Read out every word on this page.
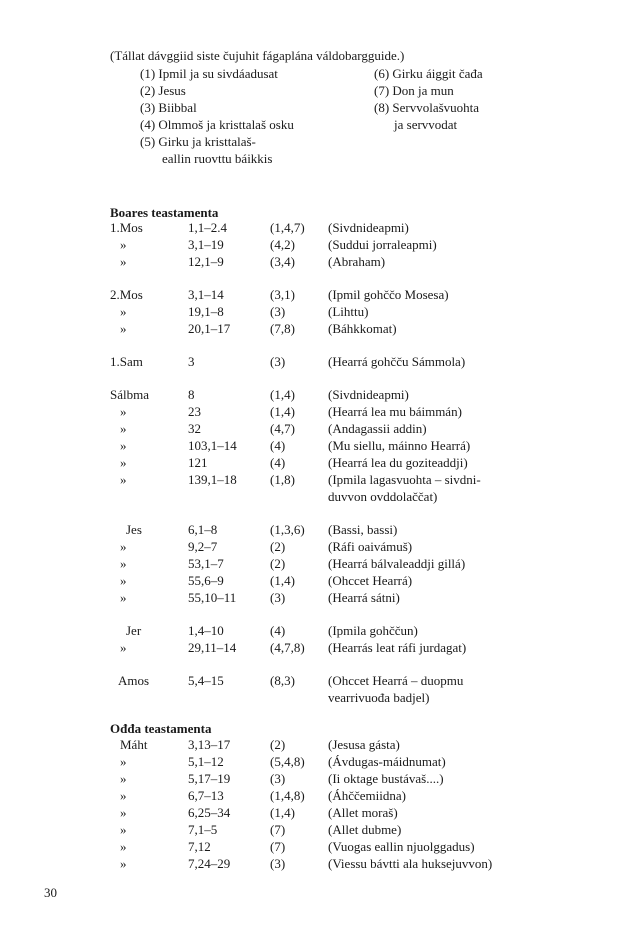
(Tállat dávggiid siste čujuhit fágaplána váldobargguide.)
(1) Ipmil ja su sivdáadusat
(2) Jesus
(3) Biibbal
(4) Olmmoš ja kristtalaš osku
(5) Girku ja kristtalaš-
eallin ruovttu báikkis
(6) Girku áiggit čađa
(7) Don ja mun
(8) Servvolašvuohta
ja servvodat
Boares teastamenta
1.Mos	1,1–2.4	(1,4,7) (Sivdnideapmi)
»	3,1–19	(4,2)	(Suddui jorraleapmi)
»	12,1–9	(3,4)	(Abraham)
2.Mos	3,1–14	(3,1)	(Ipmil gohččo Mosesa)
»	19,1–8	(3)	(Lihttu)
»	20,1–17	(7,8)	(Báhkkomat)
1.Sam	3	(3)	(Hearrá gohčču Sámmola)
Sálbma	8	(1,4)	(Sivdnideapmi)
»	23	(1,4)	(Hearrá lea mu báimmán)
»	32	(4,7)	(Andagassii addin)
»	103,1–14	(4)	(Mu siellu, máinno Hearrá)
»	121	(4)	(Hearrá lea du goziteaddji)
»	139,1–18	(1,8)	(Ipmila lagasvuohta – sivdni-
duvvon ovddolaččat)
Jes	6,1–8	(1,3,6) (Bassi, bassi)
»	9,2–7	(2)	(Ráfi oaivámuš)
»	53,1–7	(2)	(Hearrá bálvaleaddji gillá)
»	55,6–9	(1,4)	(Ohccet Hearrá)
»	55,10–11	(3)	(Hearrá sátni)
Jer	1,4–10	(4)	(Ipmila gohččun)
»	29,11–14	(4,7,8) (Hearrás leat ráfi jurdagat)
Amos	5,4–15	(8,3)	(Ohccet Hearrá – duopmu
vearrivuođa badjel)
Ođđa teastamenta
Máht	3,13–17	(2)	(Jesusa gásta)
»	5,1–12	(5,4,8) (Ávdugas-máidnumat)
»	5,17–19	(3)	(Ii oktage bustávaš....)
»	6,7–13	(1,4,8) (Áhččemiidna)
»	6,25–34	(1,4)	(Allet moraš)
»	7,1–5	(7)	(Allet dubme)
»	7,12	(7)	(Vuogas eallin njuolggadus)
»	7,24–29	(3)	(Viessu bávtti ala huksejuvvon)
30
